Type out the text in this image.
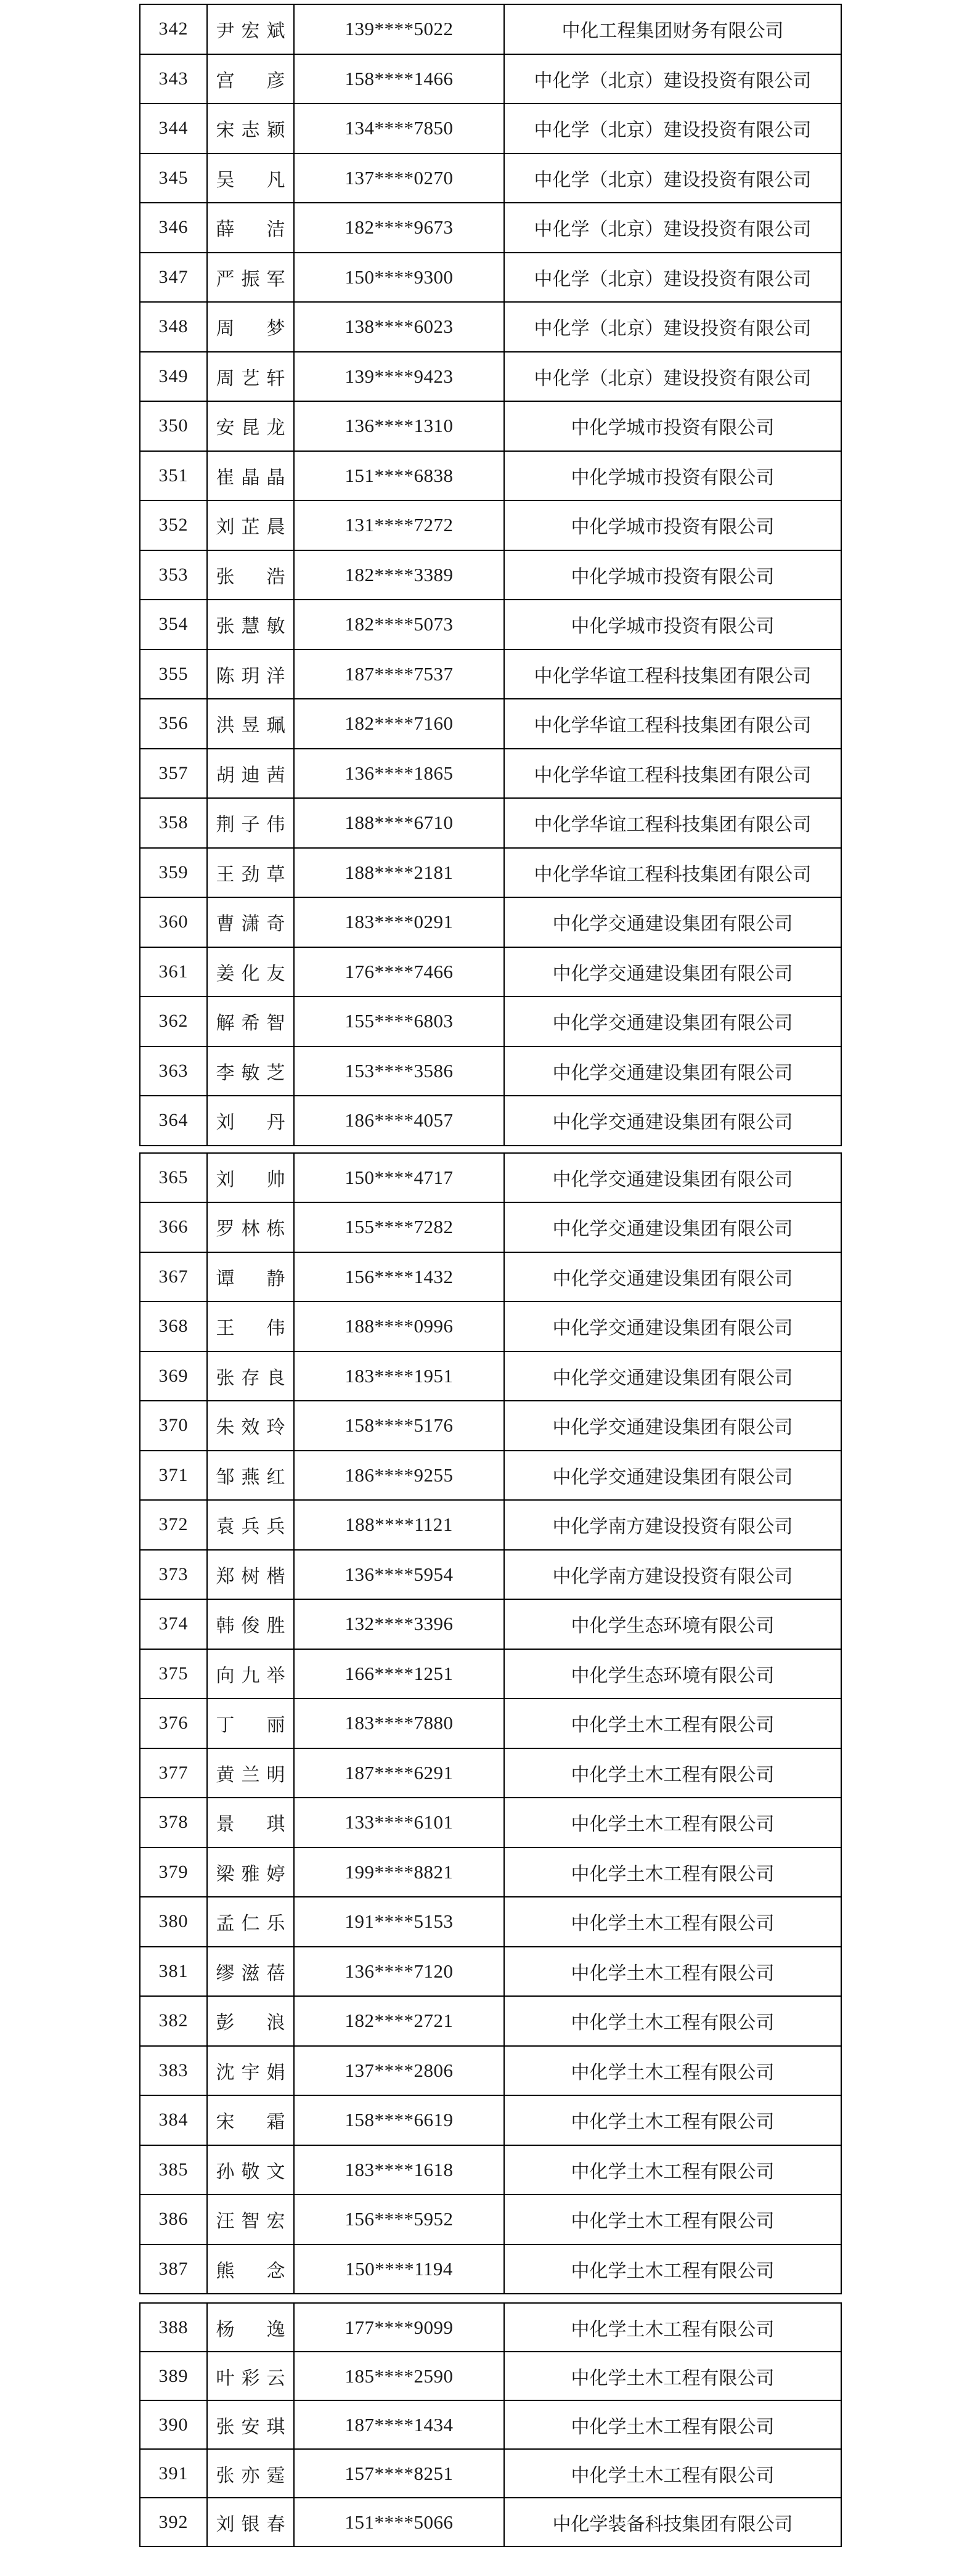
342	尹宏斌	139****5022	中化工程集团财务有限公司
343	宫彦	158****1466	中化学（北京）建设投资有限公司
344	宋志颖	134****7850	中化学（北京）建设投资有限公司
345	吴凡	137****0270	中化学（北京）建设投资有限公司
346	薛洁	182****9673	中化学（北京）建设投资有限公司
347	严振军	150****9300	中化学（北京）建设投资有限公司
348	周梦	138****6023	中化学（北京）建设投资有限公司
349	周艺轩	139****9423	中化学（北京）建设投资有限公司
350	安昆龙	136****1310	中化学城市投资有限公司
351	崔晶晶	151****6838	中化学城市投资有限公司
352	刘芷晨	131****7272	中化学城市投资有限公司
353	张浩	182****3389	中化学城市投资有限公司
354	张慧敏	182****5073	中化学城市投资有限公司
355	陈玥洋	187****7537	中化学华谊工程科技集团有限公司
356	洪昱珮	182****7160	中化学华谊工程科技集团有限公司
357	胡迪茜	136****1865	中化学华谊工程科技集团有限公司
358	荆子伟	188****6710	中化学华谊工程科技集团有限公司
359	王劲草	188****2181	中化学华谊工程科技集团有限公司
360	曹潇奇	183****0291	中化学交通建设集团有限公司
361	姜化友	176****7466	中化学交通建设集团有限公司
362	解希智	155****6803	中化学交通建设集团有限公司
363	李敏芝	153****3586	中化学交通建设集团有限公司
364	刘丹	186****4057	中化学交通建设集团有限公司
365	刘帅	150****4717	中化学交通建设集团有限公司
366	罗林栋	155****7282	中化学交通建设集团有限公司
367	谭静	156****1432	中化学交通建设集团有限公司
368	王伟	188****0996	中化学交通建设集团有限公司
369	张存良	183****1951	中化学交通建设集团有限公司
370	朱效玲	158****5176	中化学交通建设集团有限公司
371	邹燕红	186****9255	中化学交通建设集团有限公司
372	袁兵兵	188****1121	中化学南方建设投资有限公司
373	郑树楷	136****5954	中化学南方建设投资有限公司
374	韩俊胜	132****3396	中化学生态环境有限公司
375	向九举	166****1251	中化学生态环境有限公司
376	丁丽	183****7880	中化学土木工程有限公司
377	黄兰明	187****6291	中化学土木工程有限公司
378	景琪	133****6101	中化学土木工程有限公司
379	梁雅婷	199****8821	中化学土木工程有限公司
380	孟仁乐	191****5153	中化学土木工程有限公司
381	缪滋蓓	136****7120	中化学土木工程有限公司
382	彭浪	182****2721	中化学土木工程有限公司
383	沈宇娟	137****2806	中化学土木工程有限公司
384	宋霜	158****6619	中化学土木工程有限公司
385	孙敬文	183****1618	中化学土木工程有限公司
386	汪智宏	156****5952	中化学土木工程有限公司
387	熊念	150****1194	中化学土木工程有限公司
388	杨逸	177****9099	中化学土木工程有限公司
389	叶彩云	185****2590	中化学土木工程有限公司
390	张安琪	187****1434	中化学土木工程有限公司
391	张亦霆	157****8251	中化学土木工程有限公司
392	刘银春	151****5066	中化学装备科技集团有限公司
